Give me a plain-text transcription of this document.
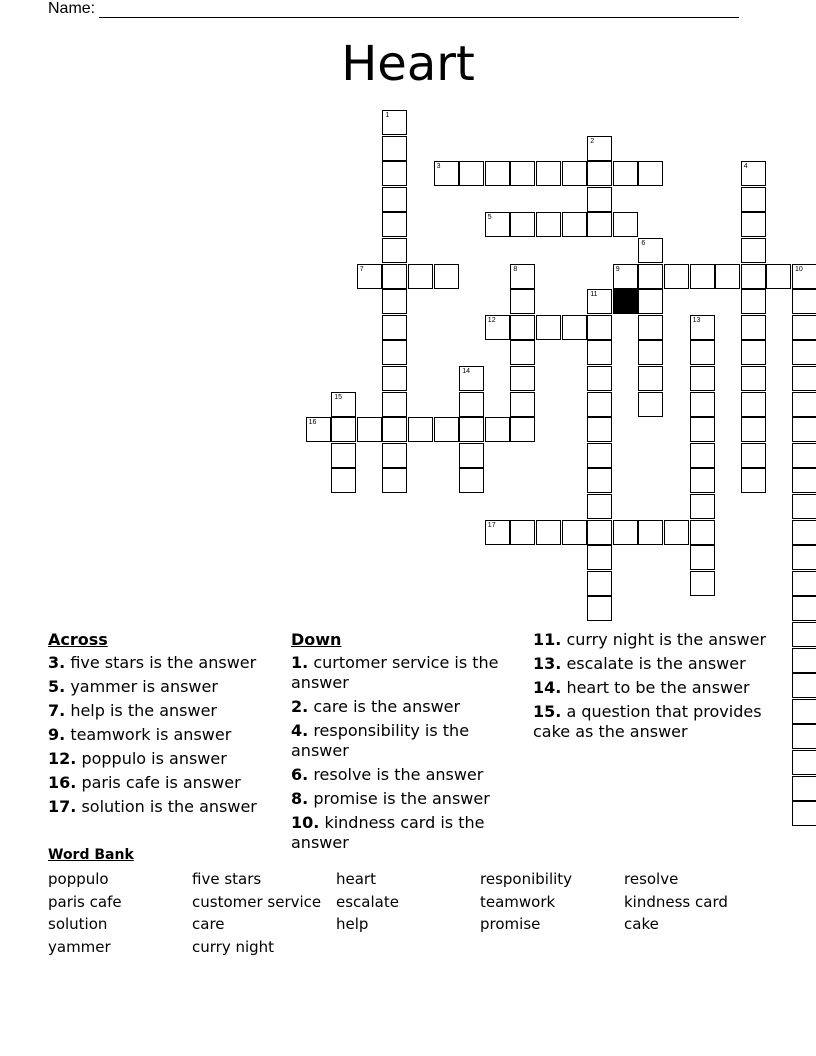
Name:
Heart
1
2
3	4
5
6
7	8	9	10
11
12	13
14
15
16
17
Across
3. five stars is the answer
5. yammer is answer
7. help is the answer
9. teamwork is answer
12. poppulo is answer
16. paris cafe is answer
17. solution is the answer
Down
1. curtomer service is the answer
2. care is the answer
4. responsibility is the answer
6. resolve is the answer
8. promise is the answer
10. kindness card is the answer
11. curry night is the answer
13. escalate is the answer
14. heart to be the answer
15. a question that provides cake as the answer
Word Bank
poppulo
paris cafe
solution
yammer
five stars
customer service
care
curry night
heart
escalate
help
responibility
teamwork
promise
resolve
kindness card
cake
